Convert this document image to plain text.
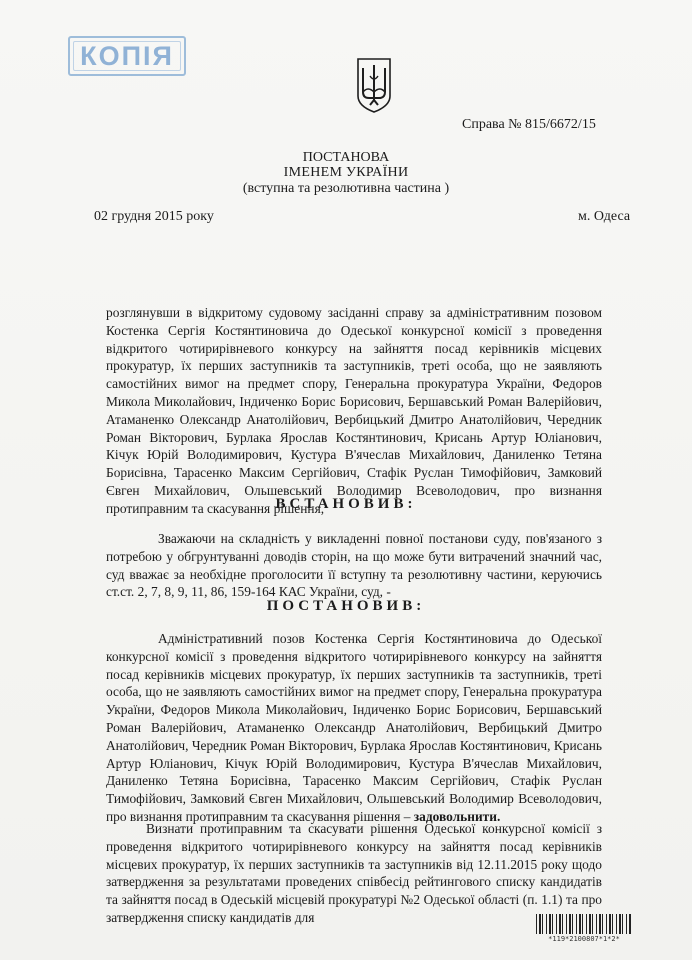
КОПІЯ
Справа № 815/6672/15
ПОСТАНОВА
ІМЕНЕМ УКРАЇНИ
(вступна та резолютивна частина )
02 грудня 2015 року	м. Одеса
розглянувши в відкритому судовому засіданні справу за адміністративним позовом Костенка Сергія Костянтиновича до Одеської конкурсної комісії з проведення відкритого чотирирівневого конкурсу на зайняття посад керівників місцевих прокуратур, їх перших заступників та заступників, треті особа, що не заявляють самостійних вимог на предмет спору, Генеральна прокуратура України, Федоров Микола Миколайович, Індиченко Борис Борисович, Бершавський Роман Валерійович, Атаманенко Олександр Анатолійович, Вербицький Дмитро Анатолійович, Чередник Роман Вікторович, Бурлака Ярослав Костянтинович, Крисань Артур Юліанович, Кічук Юрій Володимирович, Кустура В'ячеслав Михайлович, Даниленко Тетяна Борисівна, Тарасенко Максим Сергійович, Стафік Руслан Тимофійович, Замковий Євген Михайлович, Ольшевський Володимир Всеволодович, про визнання протиправним та скасування рішення,
ВСТАНОВИВ:
Зважаючи на складність у викладенні повної постанови суду, пов'язаного з потребою у обгрунтуванні доводів сторін, на що може бути витрачений значний час, суд вважає за необхідне проголосити її вступну та резолютивну частини, керуючись ст.ст. 2, 7, 8, 9, 11, 86, 159-164 КАС України, суд, -
ПОСТАНОВИВ:
Адміністративний позов Костенка Сергія Костянтиновича до Одеської конкурсної комісії з проведення відкритого чотирирівневого конкурсу на зайняття посад керівників місцевих прокуратур, їх перших заступників та заступників, треті особа, що не заявляють самостійних вимог на предмет спору, Генеральна прокуратура України, Федоров Микола Миколайович, Індиченко Борис Борисович, Бершавський Роман Валерійович, Атаманенко Олександр Анатолійович, Вербицький Дмитро Анатолійович, Чередник Роман Вікторович, Бурлака Ярослав Костянтинович, Крисань Артур Юліанович, Кічук Юрій Володимирович, Кустура В'ячеслав Михайлович, Даниленко Тетяна Борисівна, Тарасенко Максим Сергійович, Стафік Руслан Тимофійович, Замковий Євген Михайлович, Ольшевський Володимир Всеволодович, про визнання протиправним та скасування рішення – задовольнити.
Визнати протиправним та скасувати рішення Одеської конкурсної комісії з проведення відкритого чотирирівневого конкурсу на зайняття посад керівників місцевих прокуратур, їх перших заступників та заступників від 12.11.2015 року щодо затвердження за результатами проведених співбесід рейтингового списку кандидатів та зайняття посад в Одеській місцевій прокуратурі №2 Одеської області (п. 1.1) та про затвердження списку кандидатів для
*119*2100807*1*2*
